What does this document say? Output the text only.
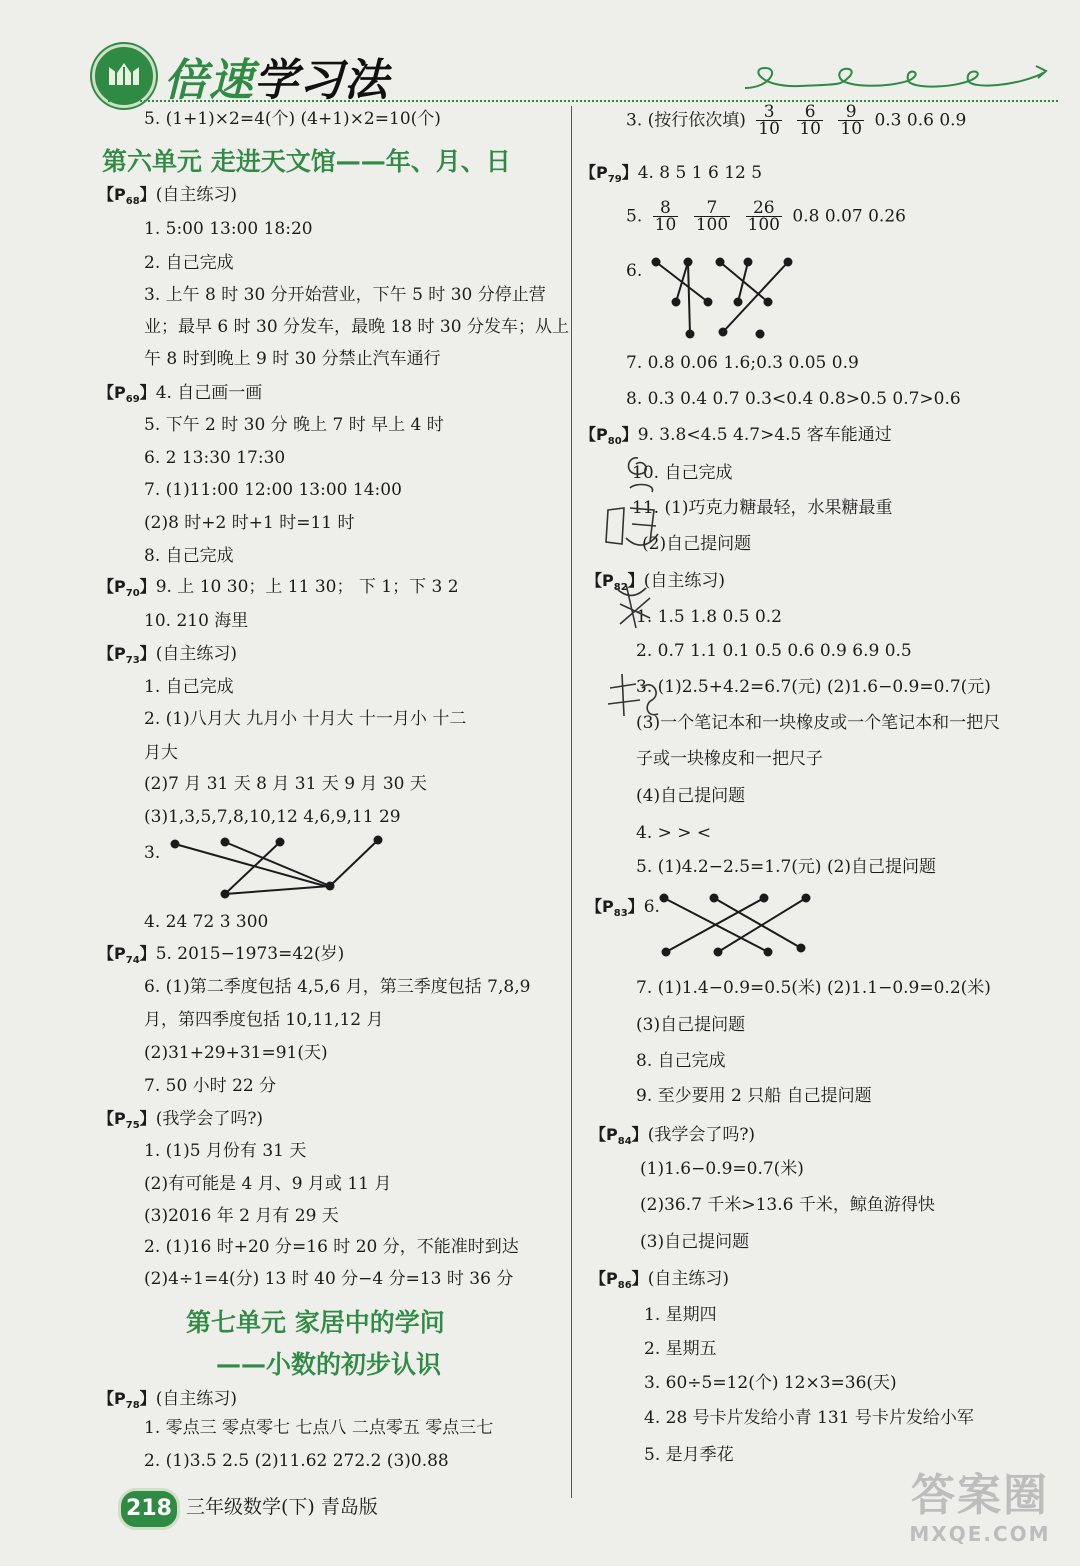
倍速学习法
5. (1+1)×2=4(个) (4+1)×2=10(个)
第六单元 走进天文馆——年、月、日
【$P_{68}$】(自主练习)
1. 5:00 13:00 18:20
2. 自己完成
3. 上午 8 时 30 分开始营业，下午 5 时 30 分停止营
业；最早 6 时 30 分发车，最晚 18 时 30 分发车；从上
午 8 时到晚上 9 时 30 分禁止汽车通行
【$P_{69}$】4. 自己画一画
5. 下午 2 时 30 分 晚上 7 时 早上 4 时
6. 2 13:30 17:30
7. (1)11:00 12:00 13:00 14:00
(2)8 时+2 时+1 时=11 时
8. 自己完成
【$P_{70}$】9. 上 10 30；上 11 30； 下 1；下 3 2
10. 210 海里
【$P_{73}$】(自主练习)
1. 自己完成
2. (1)八月大 九月小 十月大 十一月小 十二
月大
(2)7 月 31 天 8 月 31 天 9 月 30 天
(3)1,3,5,7,8,10,12 4,6,9,11 29
3.
4. 24 72 3 300
【$P_{74}$】5. 2015−1973=42(岁)
6. (1)第二季度包括 4,5,6 月，第三季度包括 7,8,9
月，第四季度包括 10,11,12 月
(2)31+29+31=91(天)
7. 50 小时 22 分
【$P_{75}$】(我学会了吗?)
1. (1)5 月份有 31 天
(2)有可能是 4 月、9 月或 11 月
(3)2016 年 2 月有 29 天
2. (1)16 时+20 分=16 时 20 分，不能准时到达
(2)4÷1=4(分) 13 时 40 分−4 分=13 时 36 分
第七单元 家居中的学问
——小数的初步认识
【$P_{78}$】(自主练习)
1. 零点三 零点零七 七点八 二点零五 零点三七
2. (1)3.5 2.5 (2)11.62 272.2 (3)0.88
3. (按行依次填) $\frac{3}{10}$
$\frac{6}{10}$
$\frac{9}{10} 0.3$ 0.6 0.9
【$P_{79}$】4. 8 5 1 6 12 5
5. $\frac{8}{10}$
$\frac{7}{100}$
$\frac{26}{100} 0.8$ 0.07 0.26
6.
7. 0.8 0.06 1.6;0.3 0.05 0.9
8. 0.3 0.4 0.7 0.3<0.4 0.8>0.5 0.7>0.6
【$P_{80}$】9. 3.8<4.5 4.7>4.5 客车能通过
10. 自己完成
11. (1)巧克力糖最轻，水果糖最重
(2)自己提问题
【$P_{82}$】(自主练习)
1. 1.5 1.8 0.5 0.2
2. 0.7 1.1 0.1 0.5 0.6 0.9 6.9 0.5
3. (1)2.5+4.2=6.7(元) (2)1.6−0.9=0.7(元)
(3)一个笔记本和一块橡皮或一个笔记本和一把尺
子或一块橡皮和一把尺子
(4)自己提问题
4. > > <
5. (1)4.2−2.5=1.7(元) (2)自己提问题
【$P_{83}$】6.
7. (1)1.4−0.9=0.5(米) (2)1.1−0.9=0.2(米)
(3)自己提问题
8. 自己完成
9. 至少要用 2 只船 自己提问题
【$P_{84}$】(我学会了吗?)
(1)1.6−0.9=0.7(米)
(2)36.7 千米>13.6 千米，鲸鱼游得快
(3)自己提问题
【$P_{86}$】(自主练习)
1. 星期四
2. 星期五
3. 60÷5=12(个) 12×3=36(天)
4. 28 号卡片发给小青 131 号卡片发给小军
5. 是月季花
218 三年级数学(下) 青岛版	答案圈
MXQE.COM
